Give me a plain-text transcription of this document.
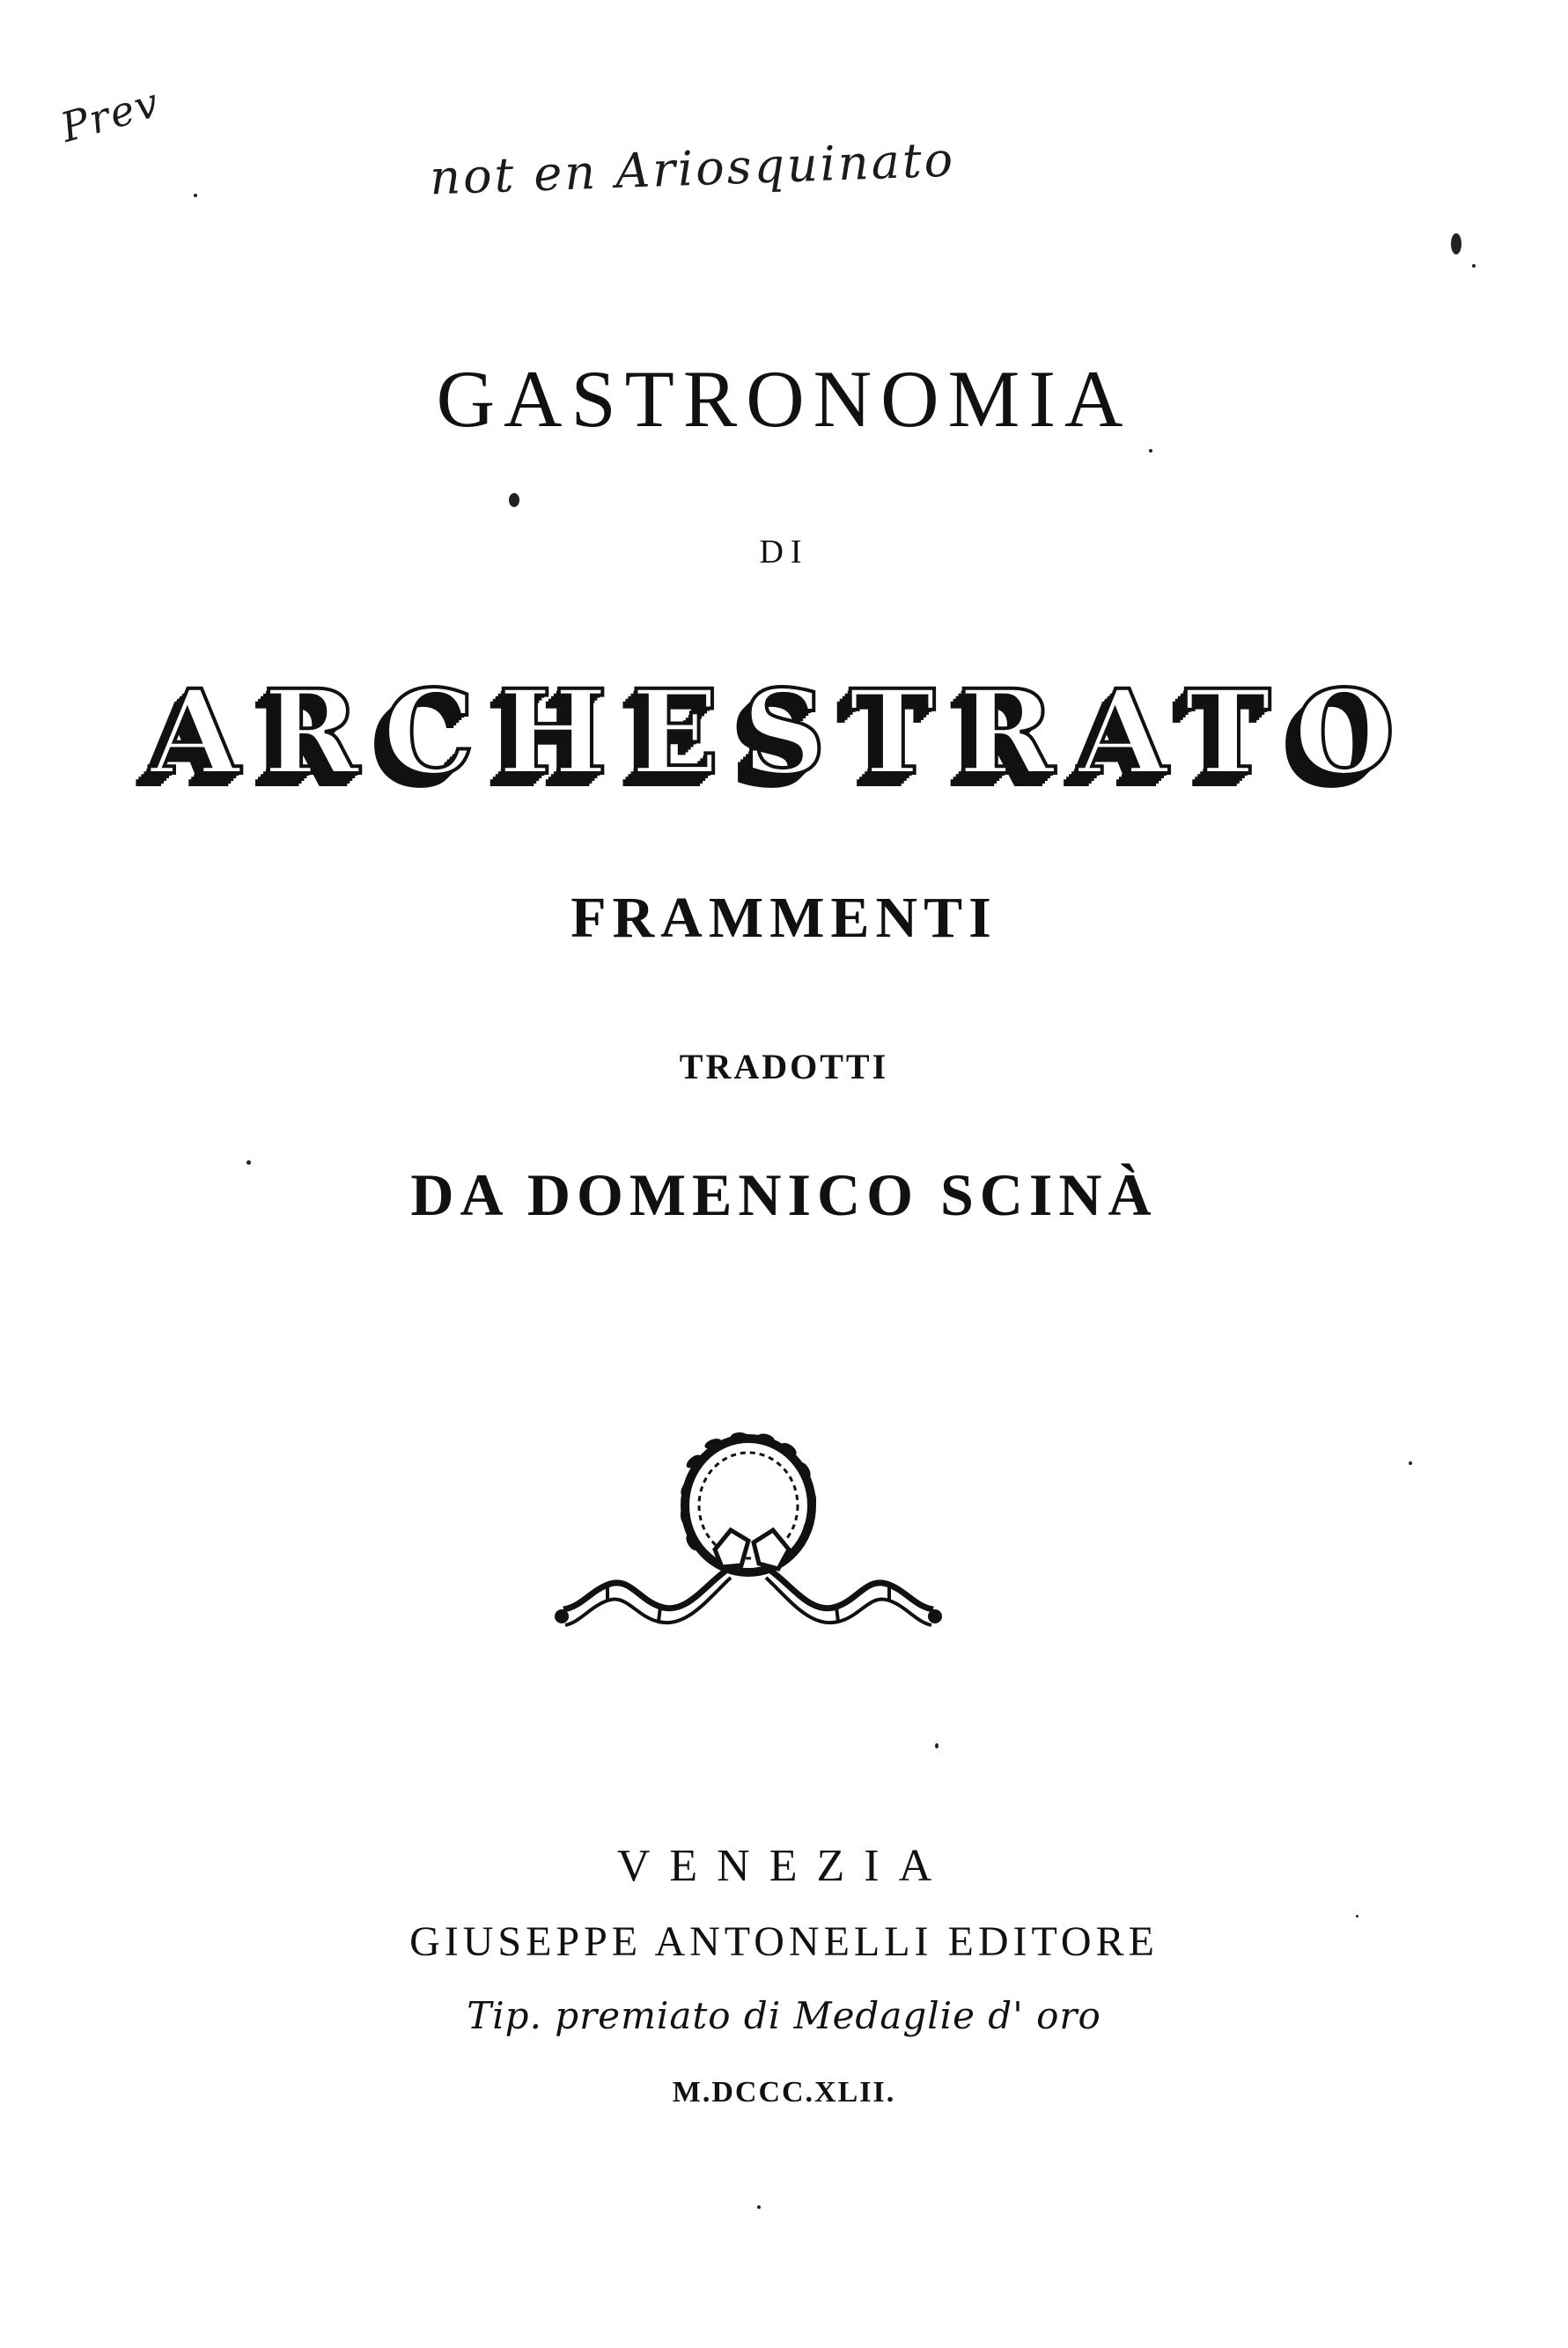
Prev
not en Ariosquinato
GASTRONOMIA
DI
ARCHESTRATO
FRAMMENTI
TRADOTTI
DA DOMENICO SCINÀ
VENEZIA
GIUSEPPE ANTONELLI EDITORE
Tip. premiato di Medaglie d' oro
M.DCCC.XLII.
